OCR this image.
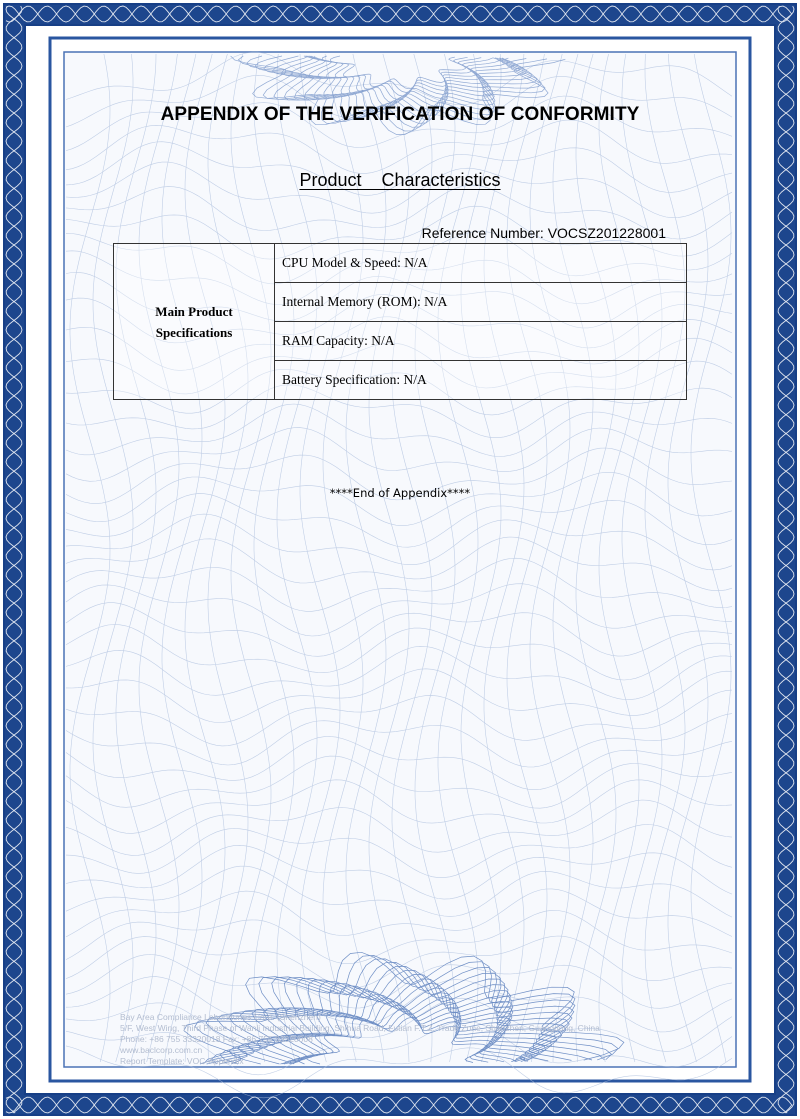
APPENDIX OF THE VERIFICATION OF CONFORMITY
Product    Characteristics
Reference Number: VOCSZ201228001
Main Product
Specifications
	CPU Model & Speed: N/A
Internal Memory (ROM): N/A
RAM Capacity: N/A
Battery Specification: N/A
****End of Appendix****
Bay Area Compliance Laboratories Corp. (Shenzhen)
5/F, West Wing, Third Phase of Wanli Industrial Building, Shihua Road, Futian F.T.Z. Trade Zone, Shenzhen, Guangdong, China
Phone: +86 755 33320018 Fax: +86 755 33320008
www.baclcorp.com.cn
Report Template: VOC-Appendix
